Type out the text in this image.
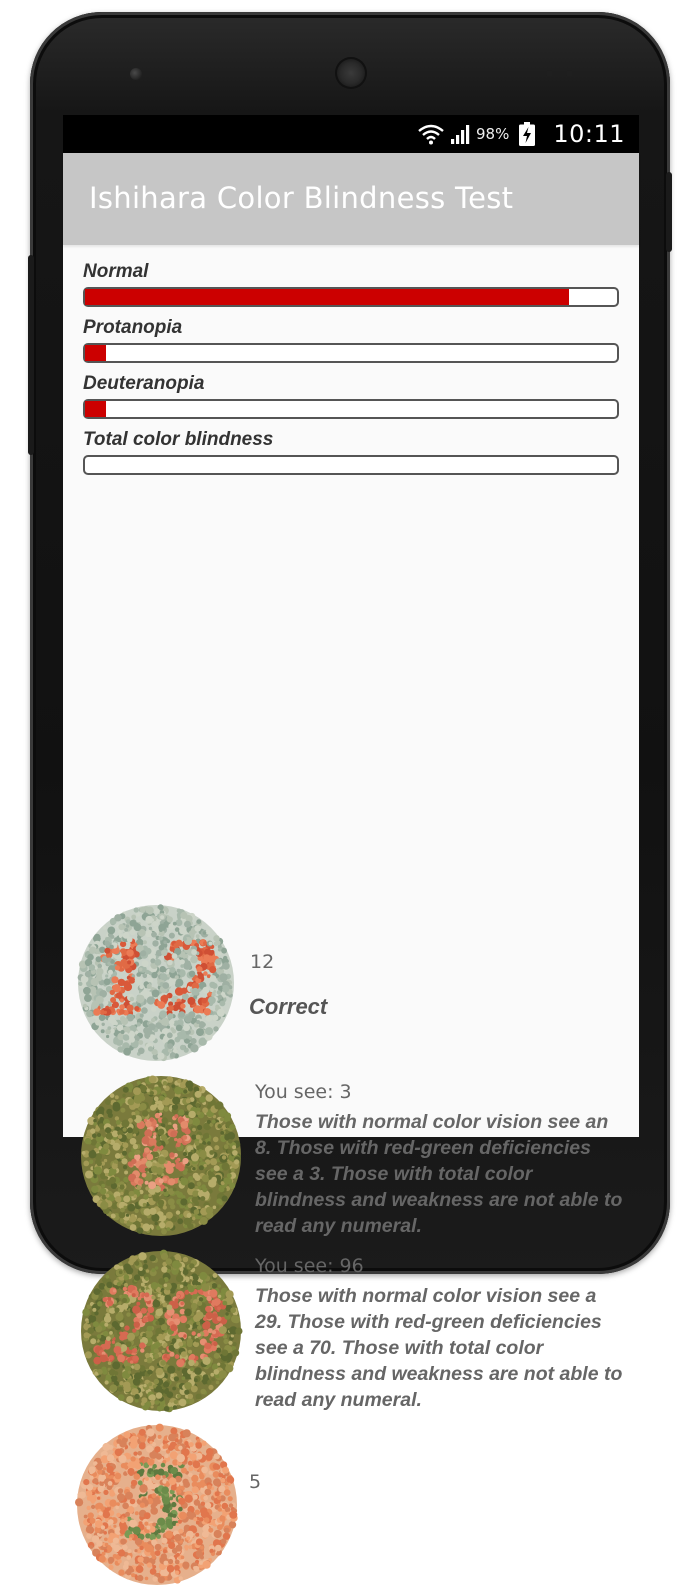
98% 10:11
Ishihara Color Blindness Test
Normal
Protanopia
Deuteranopia
Total color blindness
12
Correct
You see: 3
Those with normal color vision see an 8. Those with red-green deficiencies see a 3. Those with total color blindness and weakness are not able to read any numeral.
You see: 96
Those with normal color vision see a 29. Those with red-green deficiencies see a 70. Those with total color blindness and weakness are not able to read any numeral.
5
